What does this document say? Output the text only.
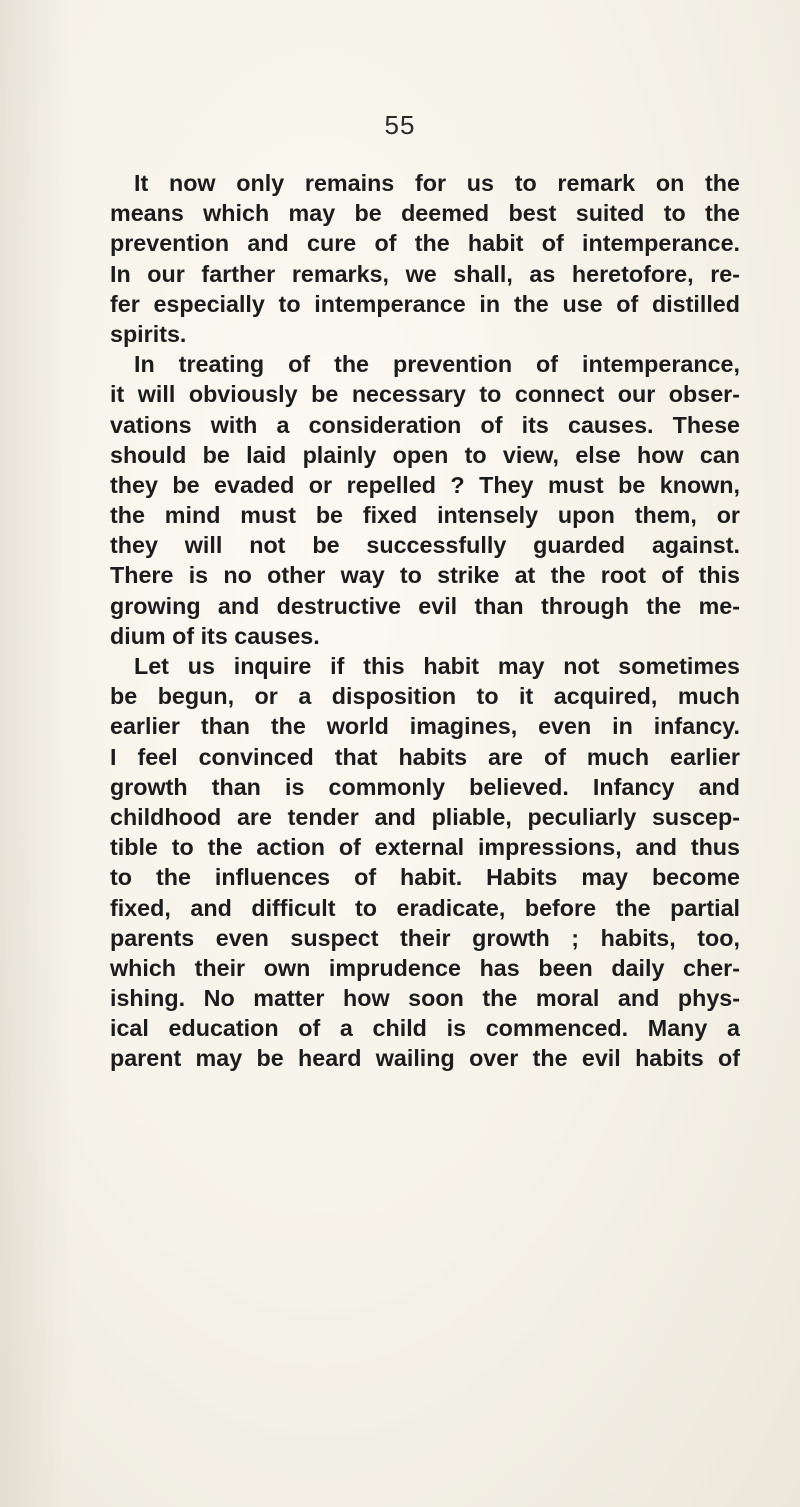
55
It now only remains for us to remark on the
means which may be deemed best suited to the
prevention and cure of the habit of intemperance.
In our farther remarks, we shall, as heretofore, re-
fer especially to intemperance in the use of distilled
spirits.
In treating of the prevention of intemperance,
it will obviously be necessary to connect our obser-
vations with a consideration of its causes. These
should be laid plainly open to view, else how can
they be evaded or repelled ? They must be known,
the mind must be fixed intensely upon them, or
they will not be successfully guarded against.
There is no other way to strike at the root of this
growing and destructive evil than through the me-
dium of its causes.
Let us inquire if this habit may not sometimes
be begun, or a disposition to it acquired, much
earlier than the world imagines, even in infancy.
I feel convinced that habits are of much earlier
growth than is commonly believed. Infancy and
childhood are tender and pliable, peculiarly suscep-
tible to the action of external impressions, and thus
to the influences of habit. Habits may become
fixed, and difficult to eradicate, before the partial
parents even suspect their growth ; habits, too,
which their own imprudence has been daily cher-
ishing. No matter how soon the moral and phys-
ical education of a child is commenced. Many a
parent may be heard wailing over the evil habits of
